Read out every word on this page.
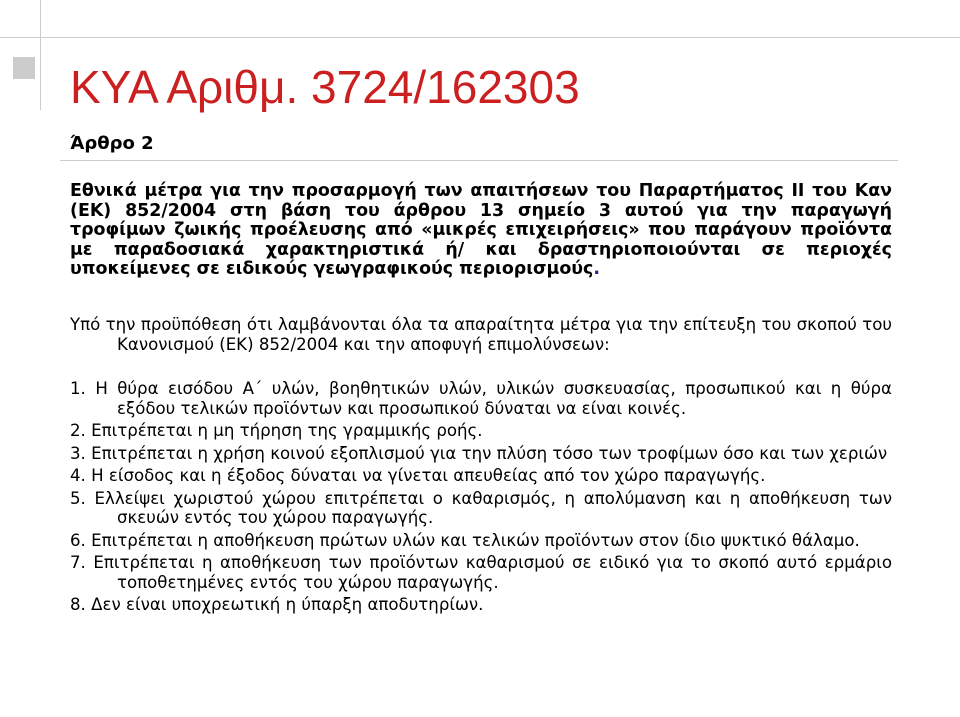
ΚΥΑ Αριθμ. 3724/162303
Άρθρο 2
Εθνικά μέτρα για την προσαρμογή των απαιτήσεων του Παραρτήματος ΙΙ του Καν (ΕΚ) 852/2004 στη βάση του άρθρου 13 σημείο 3 αυτού για την παραγωγή τροφίμων ζωικής προέλευσης από «μικρές επιχειρήσεις» που παράγουν προϊόντα με παραδοσιακά χαρακτηριστικά ή/ και δραστηριοποιούνται σε περιοχές υποκείμενες σε ειδικούς γεωγραφικούς περιορισμούς.
Υπό την προϋπόθεση ότι λαμβάνονται όλα τα απαραίτητα μέτρα για την επίτευξη του σκοπού του Κανονισμού (ΕΚ) 852/2004 και την αποφυγή επιμολύνσεων:
1. Η θύρα εισόδου Α΄ υλών, βοηθητικών υλών, υλικών συσκευασίας, προσωπικού και η θύρα εξόδου τελικών προϊόντων και προσωπικού δύναται να είναι κοινές.
2. Επιτρέπεται η μη τήρηση της γραμμικής ροής.
3. Επιτρέπεται η χρήση κοινού εξοπλισμού για την πλύση τόσο των τροφίμων όσο και των χεριών
4. Η είσοδος και η έξοδος δύναται να γίνεται απευθείας από τον χώρο παραγωγής.
5. Ελλείψει χωριστού χώρου επιτρέπεται ο καθαρισμός, η απολύμανση και η αποθήκευση των σκευών εντός του χώρου παραγωγής.
6. Επιτρέπεται η αποθήκευση πρώτων υλών και τελικών προϊόντων στον ίδιο ψυκτικό θάλαμο.
7. Επιτρέπεται η αποθήκευση των προϊόντων καθαρισμού σε ειδικό για το σκοπό αυτό ερμάριο τοποθετημένες εντός του χώρου παραγωγής.
8. Δεν είναι υποχρεωτική η ύπαρξη αποδυτηρίων.
